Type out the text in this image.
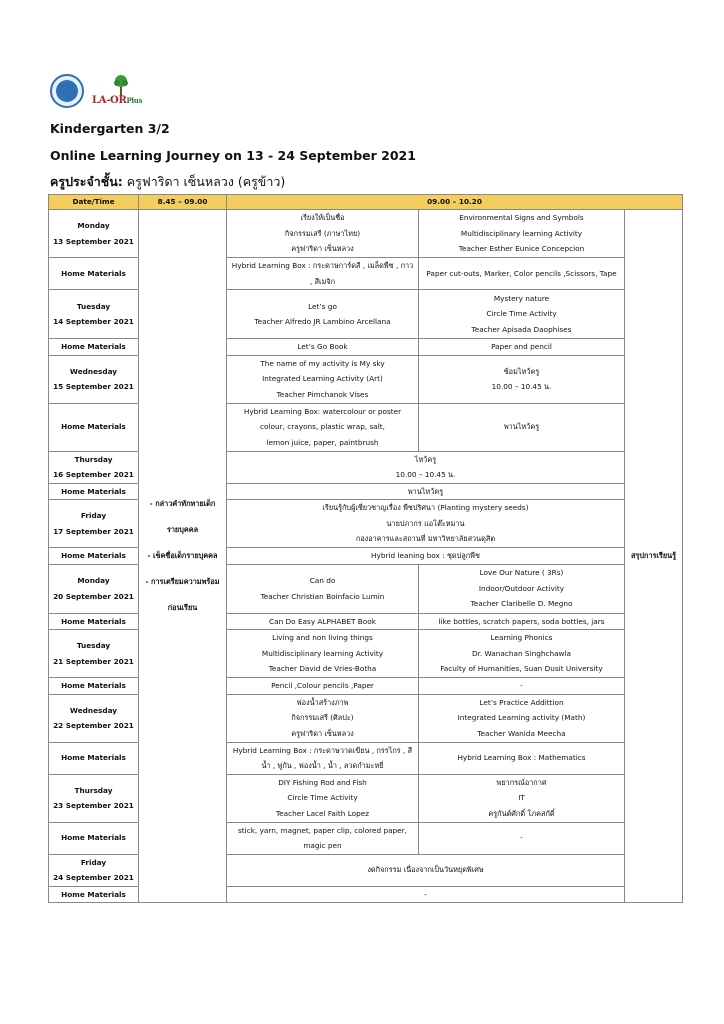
LA-ORPlus
Kindergarten 3/2
Online Learning Journey on 13 - 24 September 2021
ครูประจำชั้น: ครูฟาริดา เซ็นหลวง (ครูข้าว)
Date/Time	8.45 – 09.00	09.00 – 10.20		

Monday
13 September 2021	- กล่าวคำทักทายเด็ก
รายบุคคล
- เช็คชื่อเด็กรายบุคคล
- การเตรียมความพร้อม
ก่อนเรียน	เรียงให้เป็นชื่อ
กิจกรรมเสรี (ภาษาไทย)
ครูฟาริดา เซ็นหลวง	Environmental Signs and Symbols
Multidisciplinary learning Activity
Teacher Esther Eunice Concepcion	สรุปการเรียนรู้
Home Materials		Hybrid Learning Box : กระดาษการ์ดสี , เมล็ดพืช , กาว
, สีเมจิก	Paper cut-outs, Marker, Color pencils ,Scissors, Tape	

Tuesday
14 September 2021		Let’s go
Teacher Alfredo JR Lambino Arcellana	Mystery nature
Circle Time Activity
Teacher Apisada Daophises	

Home Materials		Let’s Go Book	Paper and pencil	

Wednesday
15 September 2021		The name of my activity is My sky
Integrated Learning Activity (Art)
Teacher Pimchanok Vises	ซ้อมไหว้ครู
10.00 – 10.45 น.	

Home Materials		Hybrid Learning Box: watercolour or poster
colour, crayons, plastic wrap, salt,
lemon juice, paper, paintbrush	พานไหว้ครู	

Thursday
16 September 2021		ไหว้ครู
10.00 – 10.45 น.		

Home Materials		พานไหว้ครู		

Friday
17 September 2021		เรียนรู้กับผู้เชี่ยวชาญเรื่อง พืชปริศนา (Planting mystery seeds)
นายปภากร แอโต๊ะหมาน
กองอาคารและสถานที่ มหาวิทยาลัยสวนดุสิต		

Home Materials		Hybrid leaning box : ชุดปลูกพืช		

Monday
20 September 2021		Can do
Teacher Christian Boinfacio Lumin	Love Our Nature ( 3Rs)
Indoor/Outdoor Activity
Teacher Claribelle D. Megno	

Home Materials		Can Do Easy ALPHABET Book	like bottles, scratch papers, soda bottles, jars	

Tuesday
21 September 2021		Living and non living things
Multidisciplinary learning Activity
Teacher David de Vries-Botha	Learning Phonics
Dr. Wanachan Singhchawla
Faculty of Humanities, Suan Dusit University	

Home Materials		Pencil ,Colour pencils ,Paper	-	

Wednesday
22 September 2021		ฟองน้ำสร้างภาพ
กิจกรรมเสรี (ศิลปะ)
ครูฟาริดา เซ็นหลวง	Let’s Practice Addittion
Integrated Learning activity (Math)
Teacher Wanida Meecha	

Home Materials		Hybrid Learning Box : กระดาษวาดเขียน , กรรไกร , สี
น้ำ , พู่กัน , ฟองน้ำ , น้ำ , ลวดกำมะหยี่	Hybrid Learning Box : Mathematics	

Thursday
23 September 2021		DIY Fishing Rod and Fish
Circle Time Activity
Teacher Lacel Faith Lopez	พยากรณ์อากาศ
IT
ครูกันต์ศักดิ์ โภคสกัดิ์	

Home Materials		stick, yarn, magnet, paper clip, colored paper,
magic pen	-	

Friday
24 September 2021		งดกิจกรรม เนื่องจากเป็นวันหยุดพิเศษ		
Home Materials		-		
